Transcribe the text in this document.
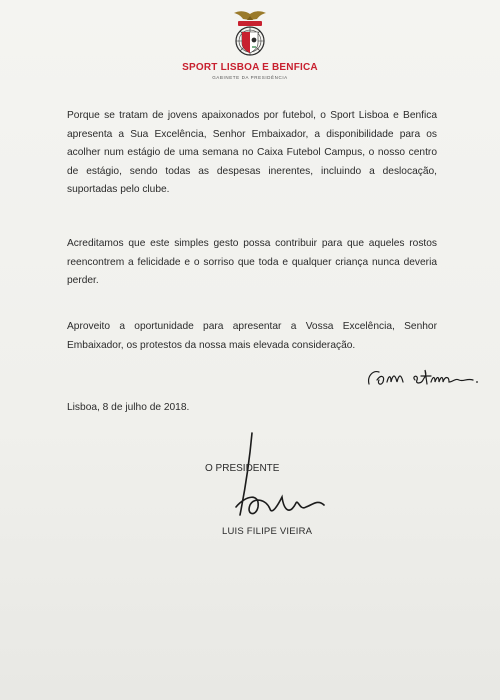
SPORT LISBOA E BENFICA
GABINETE DA PRESIDÊNCIA

Porque se tratam de jovens apaixonados por futebol, o Sport Lisboa e Benfica apresenta a Sua Excelência, Senhor Embaixador, a disponibilidade para os acolher num estágio de uma semana no Caixa Futebol Campus, o nosso centro de estágio, sendo todas as despesas inerentes, incluindo a deslocação, suportadas pelo clube.

Acreditamos que este simples gesto possa contribuir para que aqueles rostos reencontrem a felicidade e o sorriso que toda e qualquer criança nunca deveria perder.

Aproveito a oportunidade para apresentar a Vossa Excelência, Senhor Embaixador, os protestos da nossa mais elevada consideração.

Lisboa, 8 de julho de 2018.

O PRESIDENTE
LUIS FILIPE VIEIRA
